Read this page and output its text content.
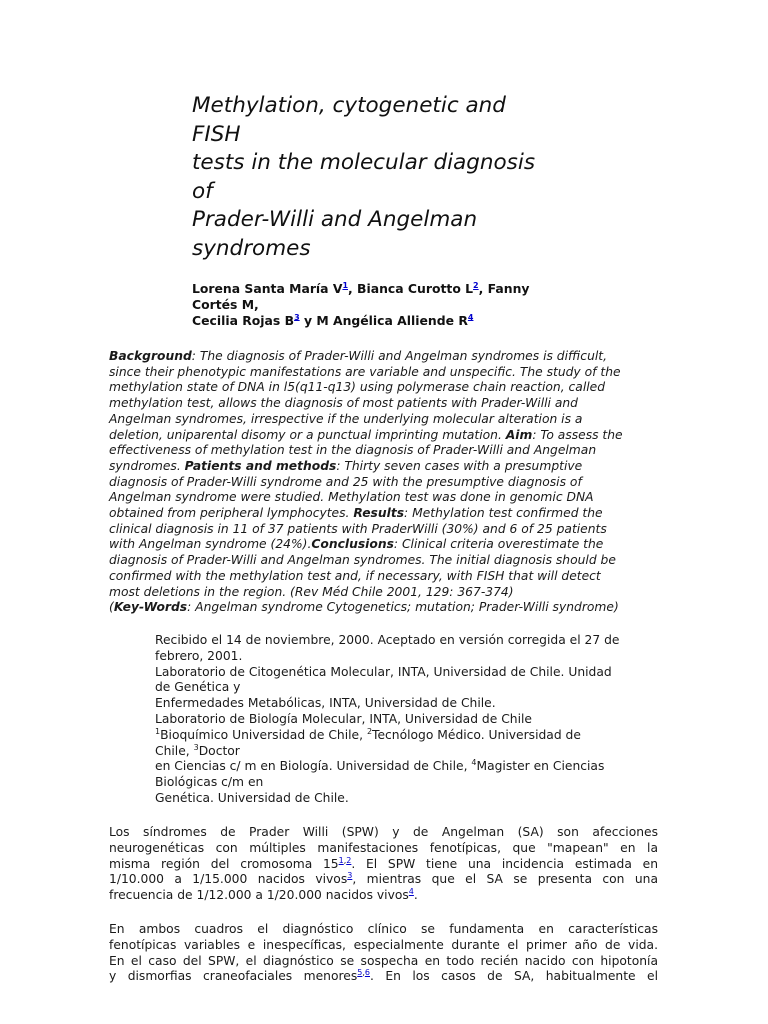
Methylation, cytogenetic and
FISH
tests in the molecular diagnosis
of
Prader-Willi and Angelman
syndromes
Lorena Santa María V$^1$, Bianca Curotto L$^2$, Fanny
Cortés M,
Cecilia Rojas B$^3$ y M Angélica Alliende R$^4$
Background: The diagnosis of Prader-Willi and Angelman syndromes is difficult,
since their phenotypic manifestations are variable and unspecific. The study of the
methylation state of DNA in l5(q11-q13) using polymerase chain reaction, called
methylation test, allows the diagnosis of most patients with Prader-Willi and
Angelman syndromes, irrespective if the underlying molecular alteration is a
deletion, uniparental disomy or a punctual imprinting mutation. Aim: To assess the
effectiveness of methylation test in the diagnosis of Prader-Willi and Angelman
syndromes. Patients and methods: Thirty seven cases with a presumptive
diagnosis of Prader-Willi syndrome and 25 with the presumptive diagnosis of
Angelman syndrome were studied. Methylation test was done in genomic DNA
obtained from peripheral lymphocytes. Results: Methylation test confirmed the
clinical diagnosis in 11 of 37 patients with PraderWilli (30%) and 6 of 25 patients
with Angelman syndrome (24%).Conclusions: Clinical criteria overestimate the
diagnosis of Prader-Willi and Angelman syndromes. The initial diagnosis should be
confirmed with the methylation test and, if necessary, with FISH that will detect
most deletions in the region. (Rev Méd Chile 2001, 129: 367-374)
(Key-Words: Angelman syndrome Cytogenetics; mutation; Prader-Willi syndrome)
Recibido el 14 de noviembre, 2000. Aceptado en versión corregida el 27 de
febrero, 2001.
Laboratorio de Citogenética Molecular, INTA, Universidad de Chile. Unidad
de Genética y
Enfermedades Metabólicas, INTA, Universidad de Chile.
Laboratorio de Biología Molecular, INTA, Universidad de Chile
$^1$Bioquímico Universidad de Chile, $^2$Tecnólogo Médico. Universidad de
Chile, $^3$Doctor
en Ciencias c/ m en Biología. Universidad de Chile, $^4$Magister en Ciencias
Biológicas c/m en
Genética. Universidad de Chile.
Los síndromes de Prader Willi (SPW) y de Angelman (SA) son afecciones
neurogenéticas con múltiples manifestaciones fenotípicas, que "mapean" en la
misma región del cromosoma 15$^{1,2}$. El SPW tiene una incidencia estimada en
1/10.000 a 1/15.000 nacidos vivos$^3$, mientras que el SA se presenta con una
frecuencia de 1/12.000 a 1/20.000 nacidos vivos$^4$.
En ambos cuadros el diagnóstico clínico se fundamenta en características
fenotípicas variables e inespecíficas, especialmente durante el primer año de vida.
En el caso del SPW, el diagnóstico se sospecha en todo recién nacido con hipotonía
y dismorfias craneofaciales menores$^{5,6}$. En los casos de SA, habitualmente el
